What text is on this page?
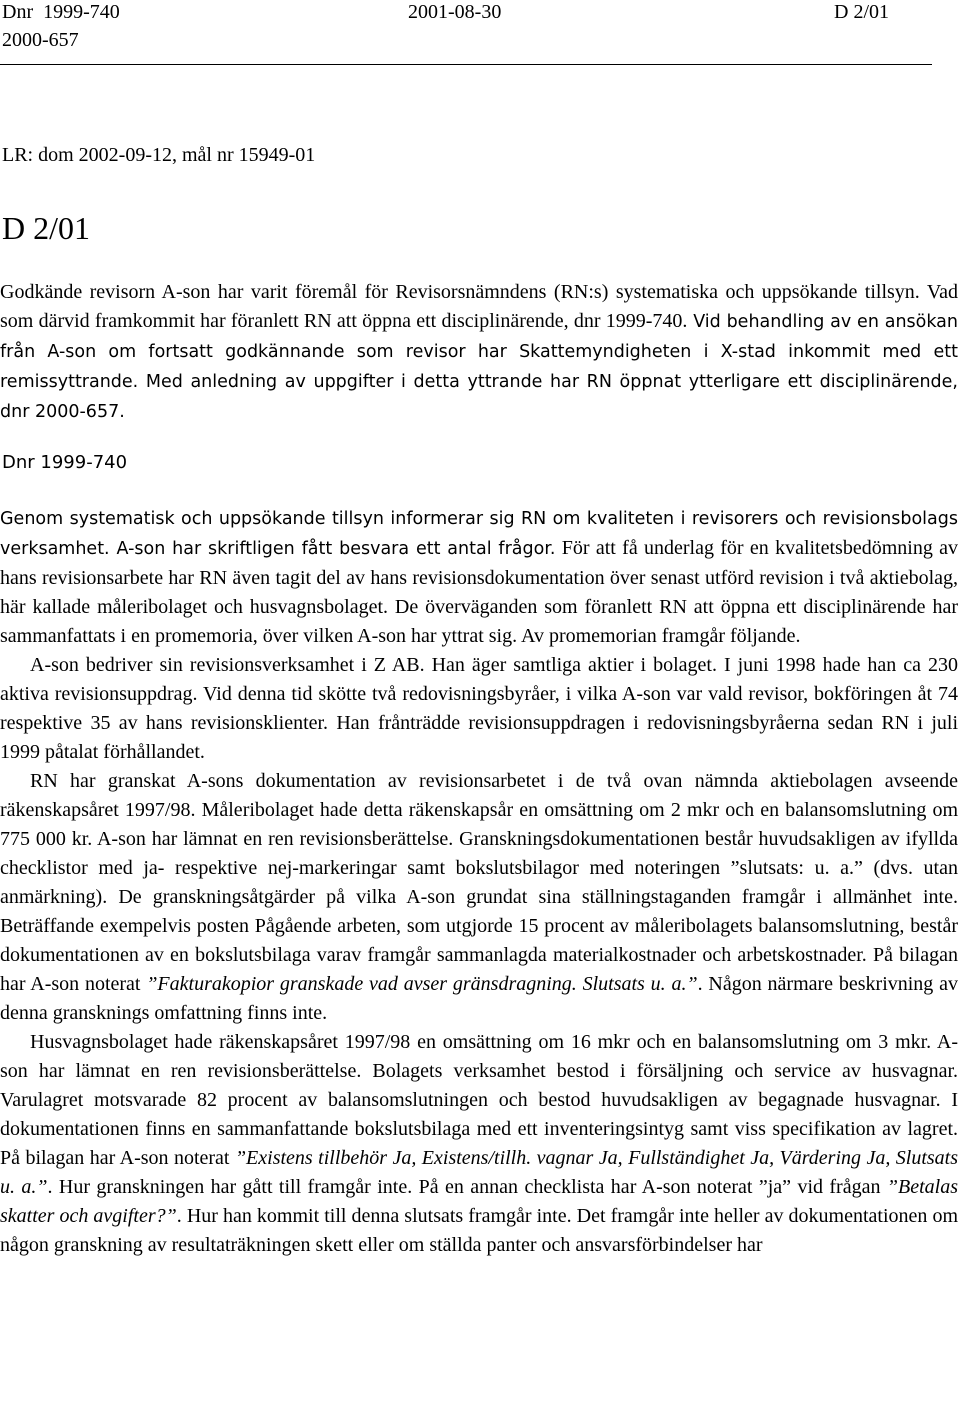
Dnr  1999-740
2000-657
2001-08-30	D 2/01
LR: dom 2002-09-12, mål nr 15949-01
D 2/01

Godkände revisorn A-son har varit föremål för Revisorsnämndens (RN:s) systematiska och uppsökande tillsyn. Vad som därvid framkommit har föranlett RN att öppna ett disciplinärende, dnr 1999-740. Vid behandling av en ansökan från A-son om fortsatt godkännande som revisor har Skattemyndigheten i X-stad inkommit med ett remissyttrande. Med anledning av uppgifter i detta yttrande har RN öppnat ytterligare ett disciplinärende, dnr 2000-657.

Dnr 1999-740

Genom systematisk och uppsökande tillsyn informerar sig RN om kvaliteten i revisorers och revisionsbolags verksamhet. A-son har skriftligen fått besvara ett antal frågor. För att få underlag för en kvalitetsbedömning av hans revisionsarbete har RN även tagit del av hans revisionsdokumentation över senast utförd revision i två aktiebolag, här kallade måleribolaget och husvagnsbolaget. De överväganden som föranlett RN att öppna ett disciplinärende har sammanfattats i en promemoria, över vilken A-son har yttrat sig. Av promemorian framgår följande.

A-son bedriver sin revisionsverksamhet i Z AB. Han äger samtliga aktier i bolaget. I juni 1998 hade han ca 230 aktiva revisionsuppdrag. Vid denna tid skötte två redovisningsbyråer, i vilka A-son var vald revisor, bokföringen åt 74 respektive 35 av hans revisionsklienter. Han frånträdde revisionsuppdragen i redovisningsbyråerna sedan RN i juli 1999 påtalat förhållandet.

RN har granskat A-sons dokumentation av revisionsarbetet i de två ovan nämnda aktiebolagen avseende räkenskapsåret 1997/98. Måleribolaget hade detta räkenskapsår en omsättning om 2 mkr och en balansomslutning om 775 000 kr. A-son har lämnat en ren revisionsberättelse. Granskningsdokumentationen består huvudsakligen av ifyllda checklistor med ja- respektive nej-markeringar samt bokslutsbilagor med noteringen ”slutsats: u. a.” (dvs. utan anmärkning). De granskningsåtgärder på vilka A-son grundat sina ställningstaganden framgår i allmänhet inte. Beträffande exempelvis posten Pågående arbeten, som utgjorde 15 procent av måleribolagets balansomslutning, består dokumentationen av en bokslutsbilaga varav framgår sammanlagda materialkostnader och arbetskostnader. På bilagan har A-son noterat ”Fakturakopior granskade vad avser gränsdragning. Slutsats u. a.”. Någon närmare beskrivning av denna gransknings omfattning finns inte.

Husvagnsbolaget hade räkenskapsåret 1997/98 en omsättning om 16 mkr och en balansomslutning om 3 mkr. A-son har lämnat en ren revisionsberättelse. Bolagets verksamhet bestod i försäljning och service av husvagnar. Varulagret motsvarade 82 procent av balansomslutningen och bestod huvudsakligen av begagnade husvagnar. I dokumentationen finns en sammanfattande bokslutsbilaga med ett inventeringsintyg samt viss specifikation av lagret. På bilagan har A-son noterat ”Existens tillbehör Ja, Existens/tillh. vagnar Ja, Fullständighet Ja, Värdering Ja, Slutsats u. a.”. Hur granskningen har gått till framgår inte. På en annan checklista har A-son noterat ”ja” vid frågan ”Betalas skatter och avgifter?”. Hur han kommit till denna slutsats framgår inte. Det framgår inte heller av dokumentationen om någon granskning av resultaträkningen skett eller om ställda panter och ansvarsförbindelser har
